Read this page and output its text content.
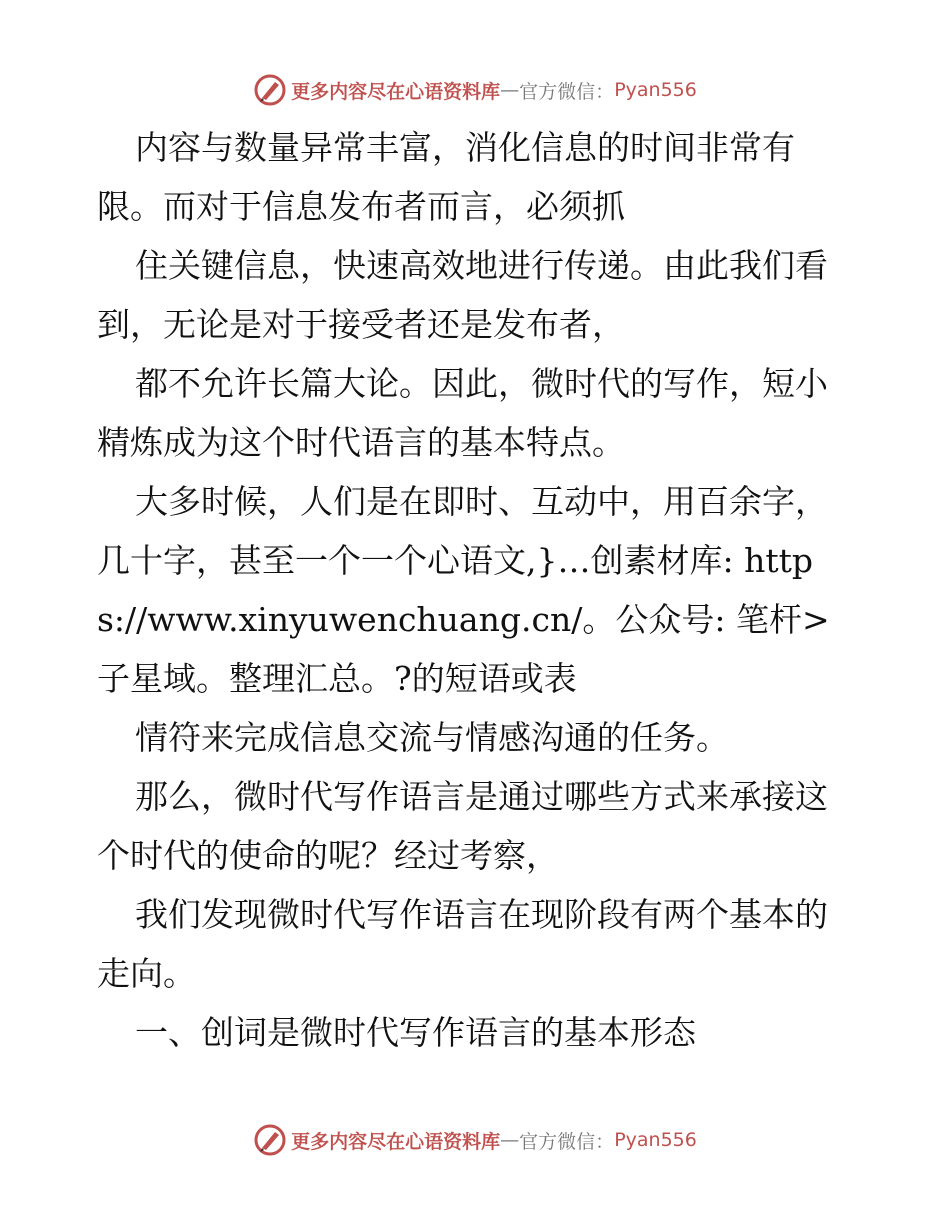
更多内容尽在心语资料库 — 官方微信： Pyan556

内容与数量异常丰富，消化信息的时间非常有限。而对于信息发布者而言，必须抓

住关键信息，快速高效地进行传递。由此我们看到，无论是对于接受者还是发布者，

都不允许长篇大论。因此，微时代的写作，短小精炼成为这个时代语言的基本特点。

大多时候，人们是在即时、互动中，用百余字，几十字，甚至一个一个心语文,}…创素材库: https://www.xinyuwenchuang.cn/。公众号: 笔杆>子星域。整理汇总。?的短语或表

情符来完成信息交流与情感沟通的任务。

那么，微时代写作语言是通过哪些方式来承接这个时代的使命的呢？经过考察，

我们发现微时代写作语言在现阶段有两个基本的走向。

一、创词是微时代写作语言的基本形态

更多内容尽在心语资料库 — 官方微信： Pyan556
